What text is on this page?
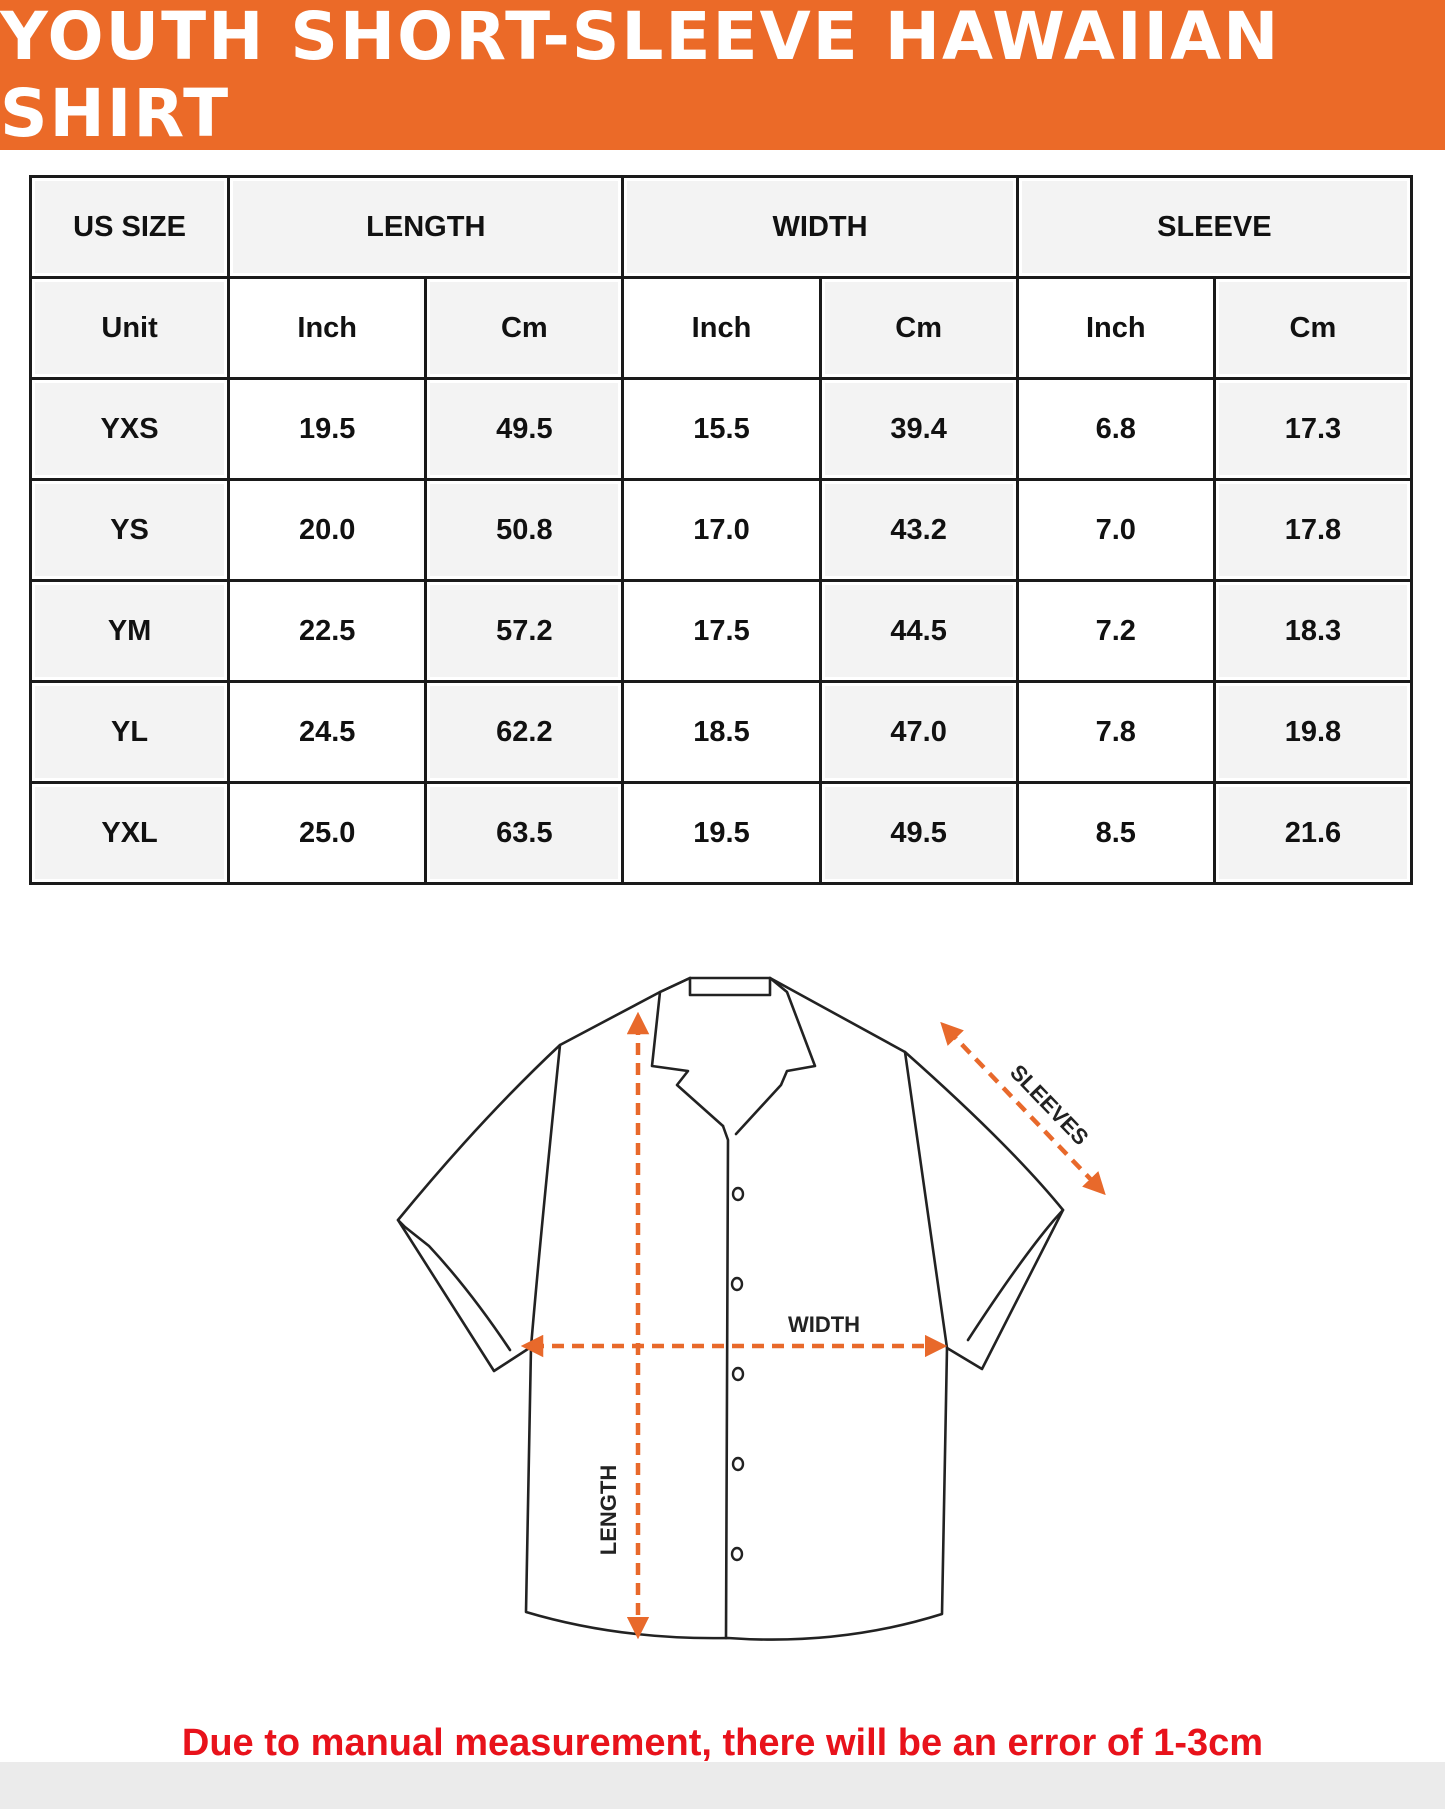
YOUTH SHORT-SLEEVE HAWAIIAN SHIRT
US SIZE	LENGTH		WIDTH		SLEEVE	
Unit	Inch	Cm	Inch	Cm	Inch	Cm
YXS	19.5	49.5	15.5	39.4	6.8	17.3
YS	20.0	50.8	17.0	43.2	7.0	17.8
YM	22.5	57.2	17.5	44.5	7.2	18.3
YL	24.5	62.2	18.5	47.0	7.8	19.8
YXL	25.0	63.5	19.5	49.5	8.5	21.6
WIDTH
LENGTH
SLEEVES
Due to manual measurement, there will be an error of 1-3cm
